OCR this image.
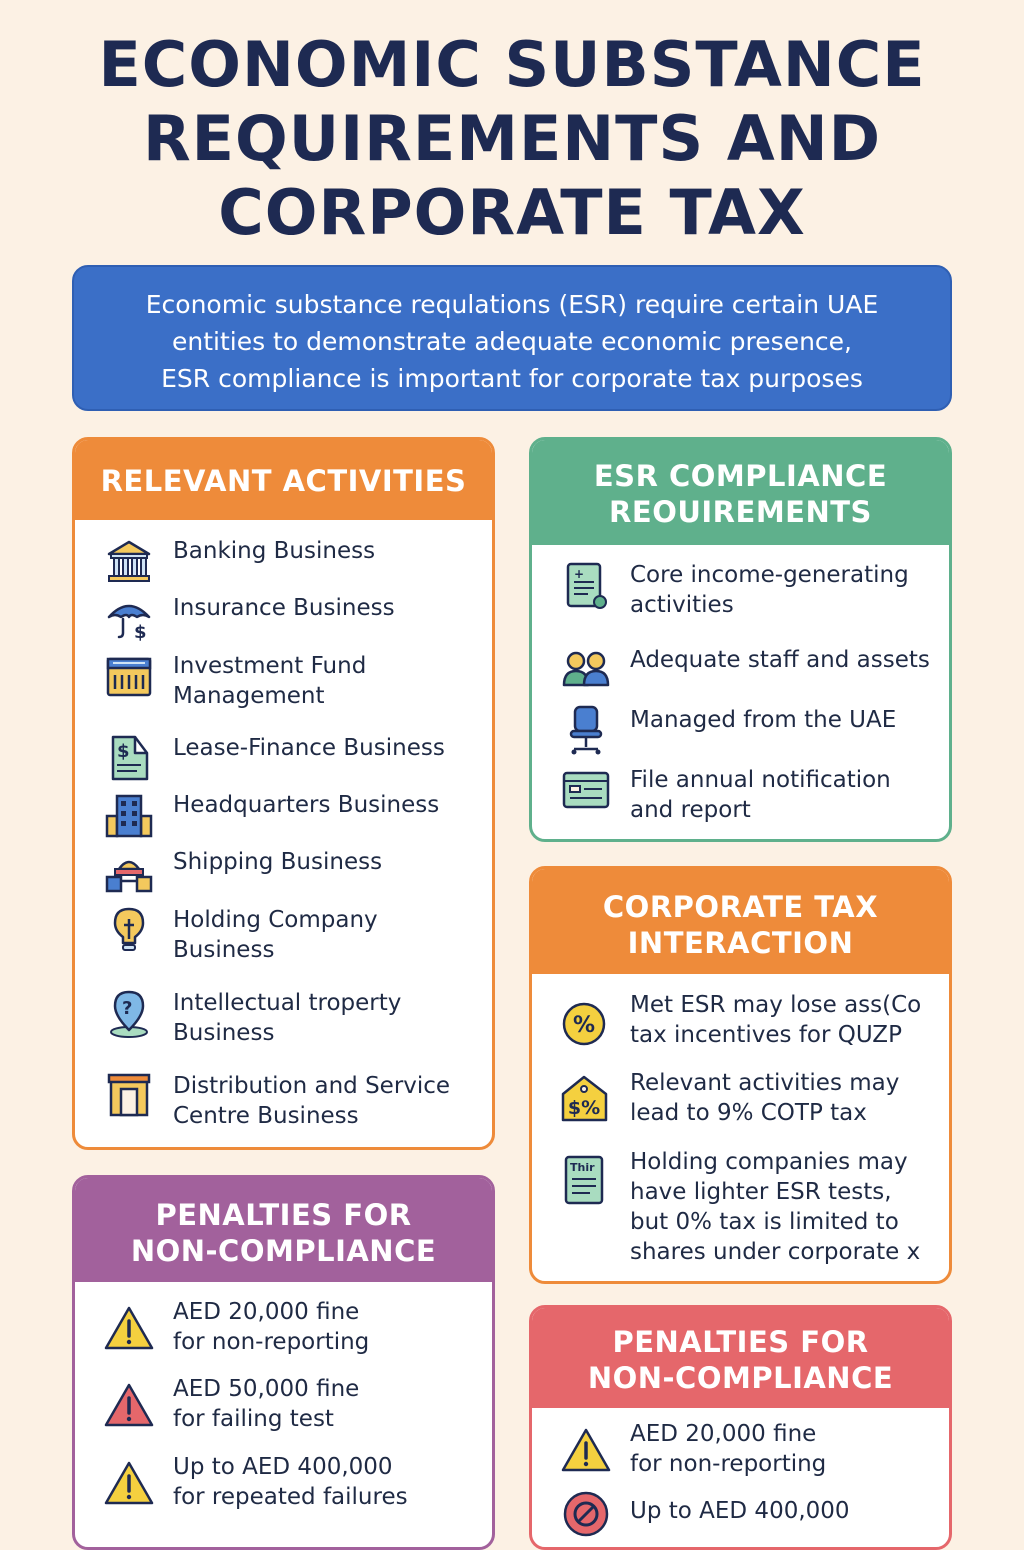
ECONOMIC SUBSTANCE
REQUIREMENTS AND
CORPORATE TAX
Economic substance requlations (ESR) require certain UAE
entities to demonstrate adequate economic presence,
ESR compliance is important for corporate tax purposes
RELEVANT ACTIVITIES
Banking Business
$
Insurance Business
Investment Fund
Management
$ Lease-Finance Business
Headquarters Business
Shipping Business
Holding Company
Business
? Intellectual troperty
Business
Distribution and Service
Centre Business
ESR COMPLIANCE
REOUIREMENTS
+ Core income-generating
activities
Adequate staff and assets
Managed from the UAE
File annual notification
and report
CORPORATE TAX
INTERACTION
%
Met ESR may lose ass(Co
tax incentives for QUZP
$%
Relevant activities may
lead to 9% COTP tax
Thir Holding companies may
have lighter ESR tests,
but 0% tax is limited to
shares under corporate x
PENALTIES FOR
NON-COMPLIANCE
AED 20,000 fine
for non-reporting
AED 50,000 fine
for failing test
Up to AED 400,000
for repeated failures
PENALTIES FOR
NON-COMPLIANCE
AED 20,000 fine
for non-reporting
Up to AED 400,000
